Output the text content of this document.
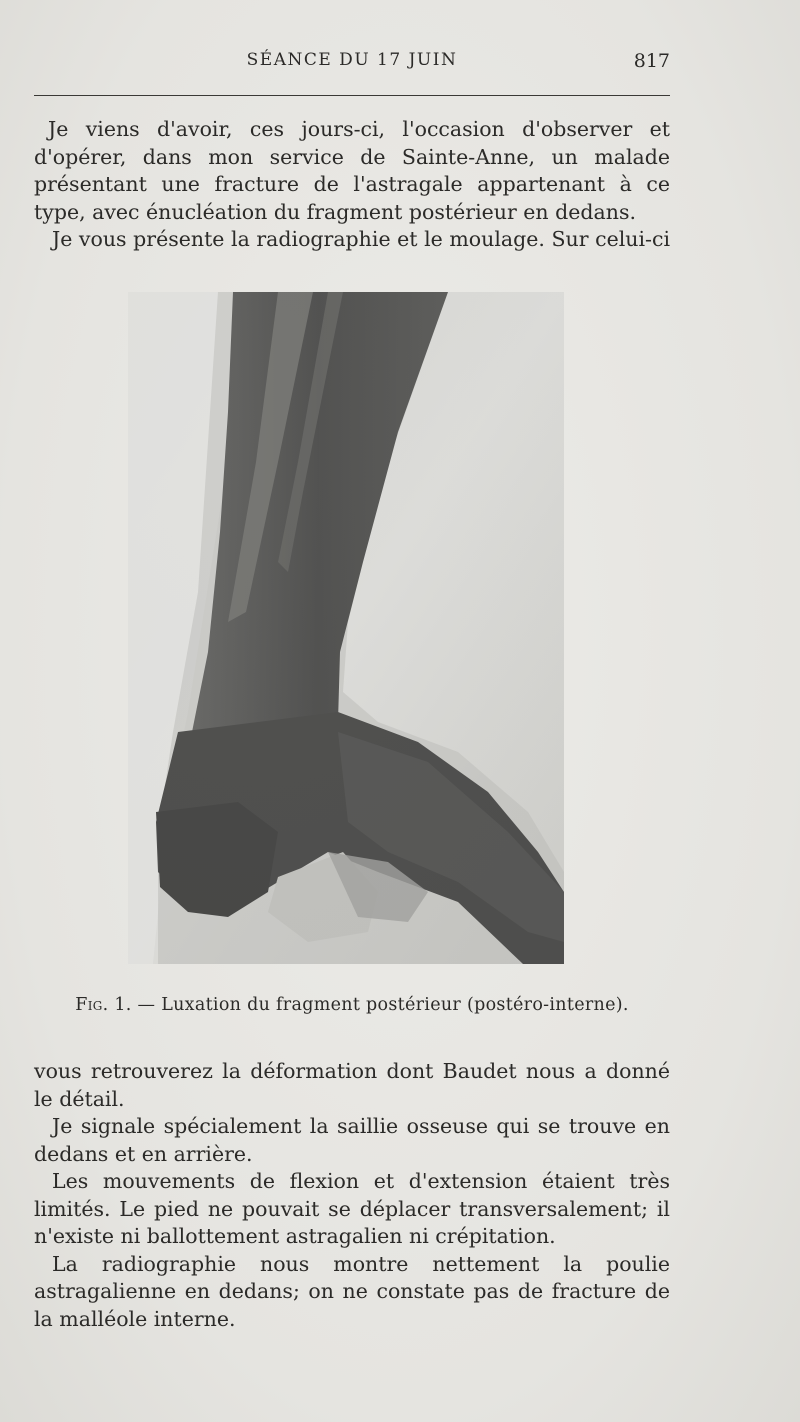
SÉANCE DU 17 JUIN	817

Je viens d'avoir, ces jours-ci, l'occasion d'observer et d'opérer, dans mon service de Sainte-Anne, un malade présentant une fracture de l'astragale appartenant à ce type, avec énucléation du fragment postérieur en dedans.

Je vous présente la radiographie et le moulage. Sur celui-ci

Fig. 1. — Luxation du fragment postérieur (postéro-interne).

vous retrouverez la déformation dont Baudet nous a donné le détail.

Je signale spécialement la saillie osseuse qui se trouve en dedans et en arrière.

Les mouvements de flexion et d'extension étaient très limités. Le pied ne pouvait se déplacer transversalement; il n'existe ni ballottement astragalien ni crépitation.

La radiographie nous montre nettement la poulie astragalienne en dedans; on ne constate pas de fracture de la malléole interne.
